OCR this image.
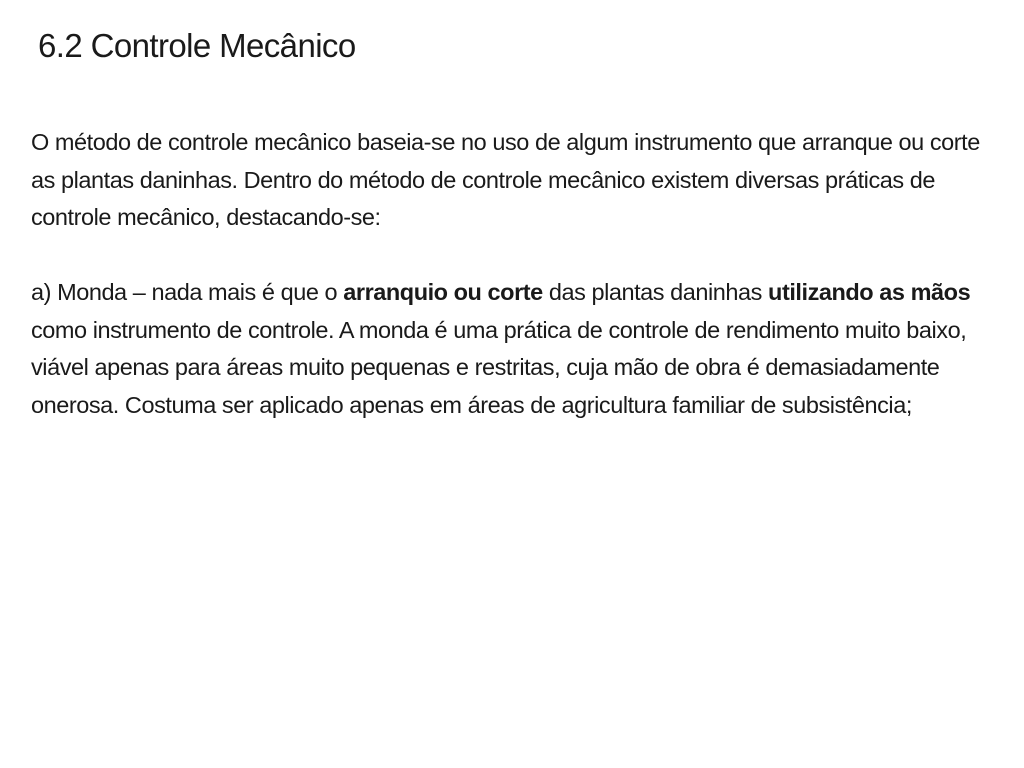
6.2 Controle Mecânico

O método de controle mecânico baseia-se no uso de algum instrumento que arranque ou corte as plantas daninhas. Dentro do método de controle mecânico existem diversas práticas de controle mecânico, destacando-se:

a) Monda – nada mais é que o arranquio ou corte das plantas daninhas utilizando as mãos como instrumento de controle. A monda é uma prática de controle de rendimento muito baixo, viável apenas para áreas muito pequenas e restritas, cuja mão de obra é demasiadamente onerosa. Costuma ser aplicado apenas em áreas de agricultura familiar de subsistência;
